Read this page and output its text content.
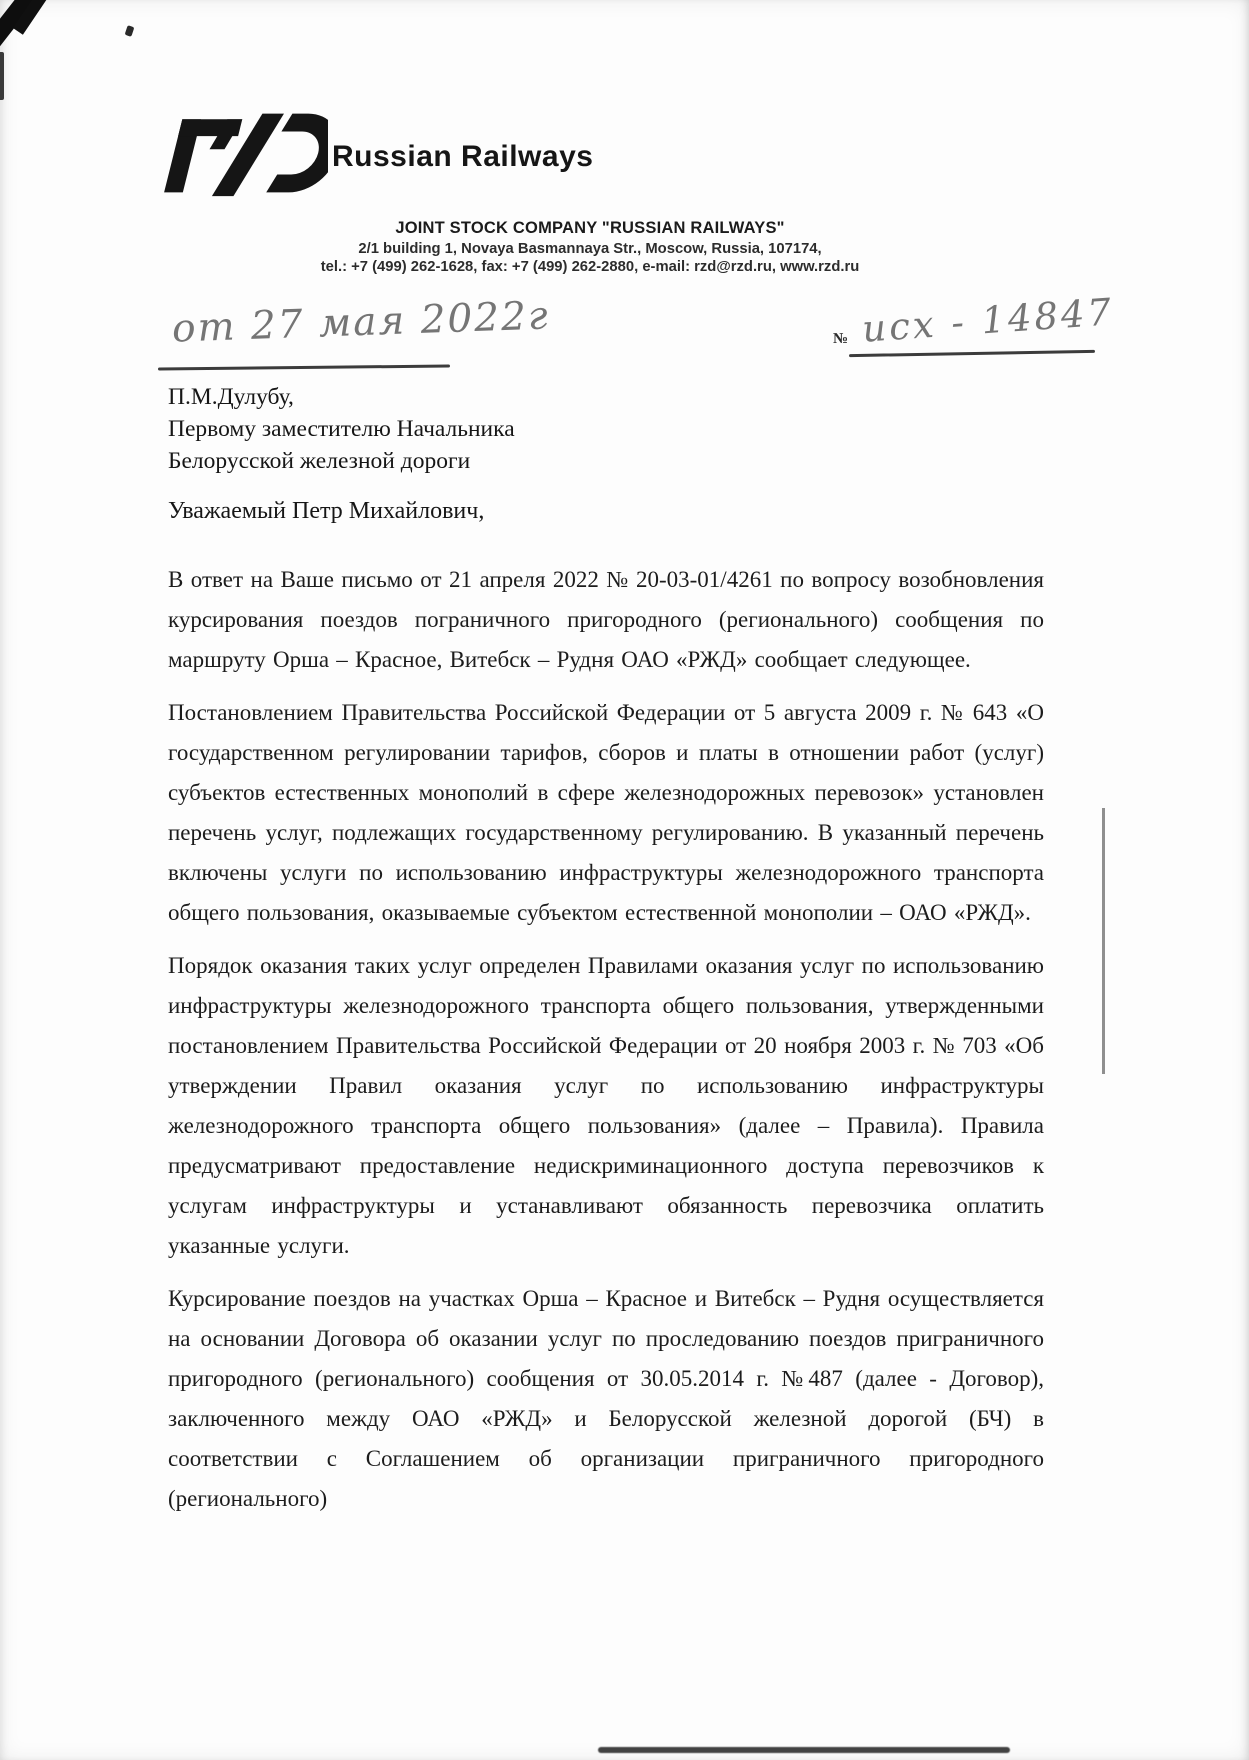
Russian Railways
JOINT STOCK COMPANY "RUSSIAN RAILWAYS"
2/1 building 1, Novaya Basmannaya Str., Moscow, Russia, 107174,
tel.: +7 (499) 262-1628, fax: +7 (499) 262-2880, e-mail: rzd@rzd.ru, www.rzd.ru
от 27 мая 2022г	№ исх - 14847
П.М.Дулубу,
Первому заместителю Начальника
Белорусской железной дороги
Уважаемый Петр Михайлович,

В ответ на Ваше письмо от 21 апреля 2022 № 20-03-01/4261 по вопросу возобновления курсирования поездов пограничного пригородного (регионального) сообщения по маршруту Орша – Красное, Витебск – Рудня ОАО «РЖД» сообщает следующее.

Постановлением Правительства Российской Федерации от 5 августа 2009 г. № 643 «О государственном регулировании тарифов, сборов и платы в отношении работ (услуг) субъектов естественных монополий в сфере железнодорожных перевозок» установлен перечень услуг, подлежащих государственному регулированию. В указанный перечень включены услуги по использованию инфраструктуры железнодорожного транспорта общего пользования, оказываемые субъектом естественной монополии – ОАО «РЖД».

Порядок оказания таких услуг определен Правилами оказания услуг по использованию инфраструктуры железнодорожного транспорта общего пользования, утвержденными постановлением Правительства Российской Федерации от 20 ноября 2003 г. № 703 «Об утверждении Правил оказания услуг по использованию инфраструктуры железнодорожного транспорта общего пользования» (далее – Правила). Правила предусматривают предоставление недискриминационного доступа перевозчиков к услугам инфраструктуры и устанавливают обязанность перевозчика оплатить указанные услуги.

Курсирование поездов на участках Орша – Красное и Витебск – Рудня осуществляется на основании Договора об оказании услуг по проследованию поездов приграничного пригородного (регионального) сообщения от 30.05.2014 г. №487 (далее - Договор), заключенного между ОАО «РЖД» и Белорусской железной дорогой (БЧ) в соответствии с Соглашением об организации приграничного пригородного (регионального)
